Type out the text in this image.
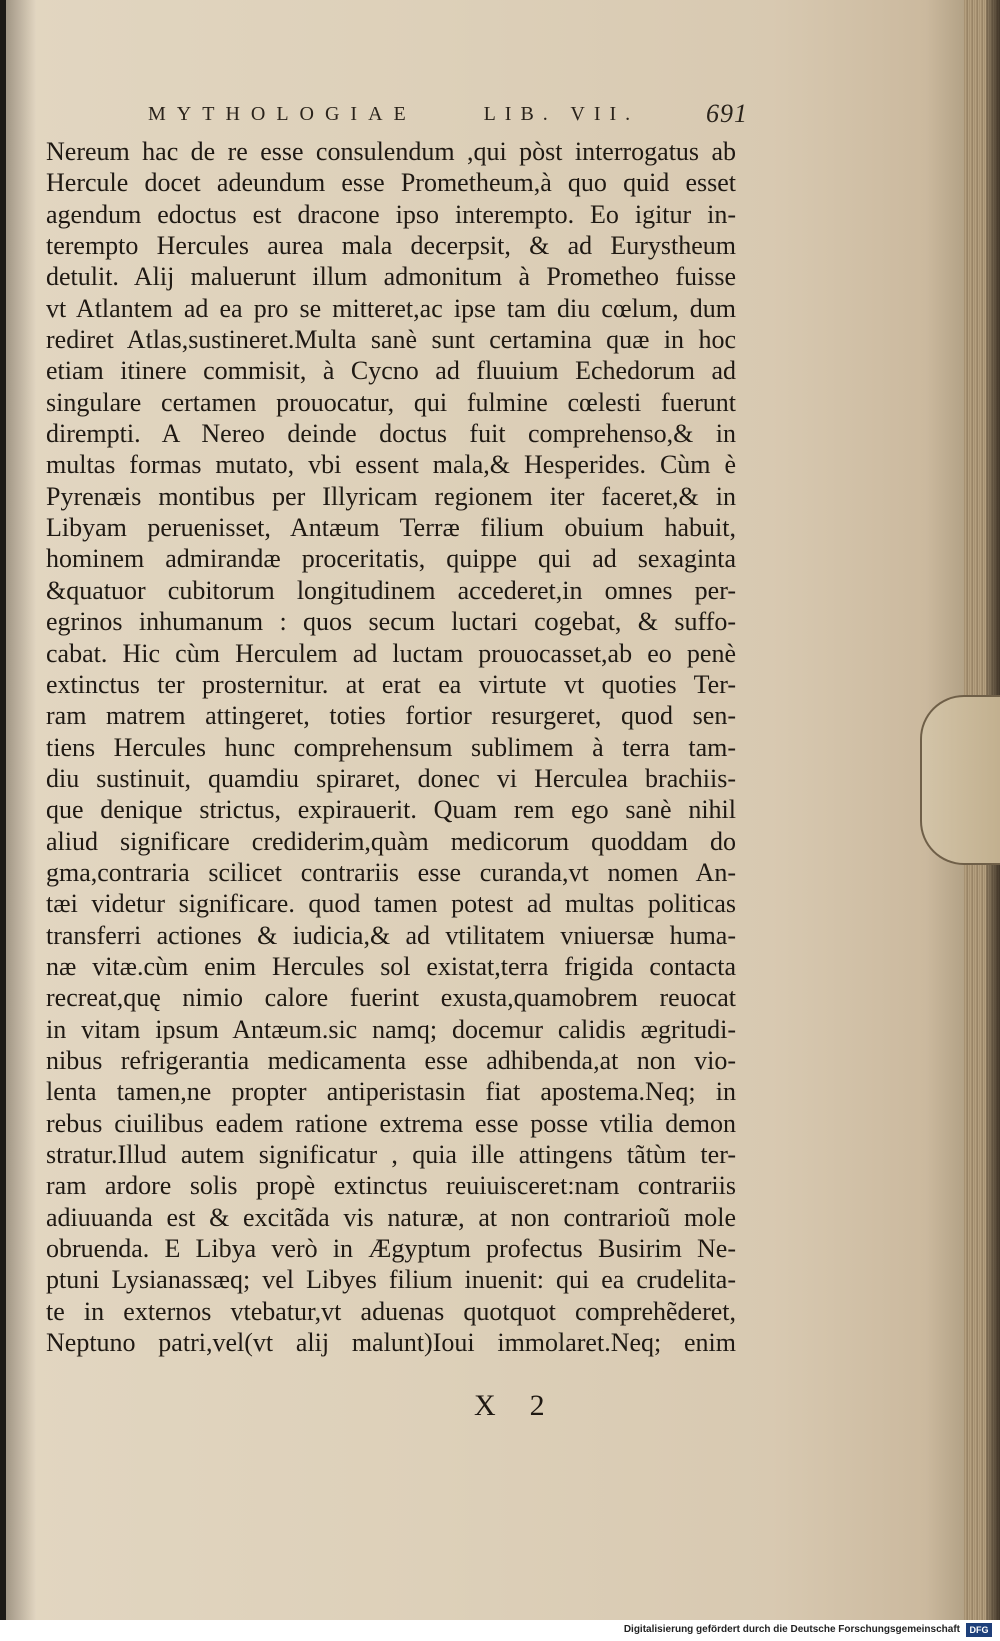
MYTHOLOGIAE	LIB. VII.	691
Nereum hac de re esse consulendum ,qui pòst interrogatus ab
Hercule docet adeundum esse Prometheum,à quo quid esset
agendum edoctus est dracone ipso interempto. Eo igitur in-
terempto Hercules aurea mala decerpsit, & ad Eurystheum
detulit. Alij maluerunt illum admonitum à Prometheo fuisse
vt Atlantem ad ea pro se mitteret,ac ipse tam diu cœlum, dum
rediret Atlas,sustineret.Multa sanè sunt certamina quæ in hoc
etiam itinere commisit, à Cycno ad fluuium Echedorum ad
singulare certamen prouocatur, qui fulmine cœlesti fuerunt
dirempti. A Nereo deinde doctus fuit comprehenso,& in
multas formas mutato, vbi essent mala,& Hesperides. Cùm è
Pyrenæis montibus per Illyricam regionem iter faceret,& in
Libyam peruenisset, Antæum Terræ filium obuium habuit,
hominem admirandæ proceritatis, quippe qui ad sexaginta
&quatuor cubitorum longitudinem accederet,in omnes per-
egrinos inhumanum : quos secum luctari cogebat, & suffo-
cabat. Hic cùm Herculem ad luctam prouocasset,ab eo penè
extinctus ter prosternitur. at erat ea virtute vt quoties Ter-
ram matrem attingeret, toties fortior resurgeret, quod sen-
tiens Hercules hunc comprehensum sublimem à terra tam-
diu sustinuit, quamdiu spiraret, donec vi Herculea brachiis-
que denique strictus, expirauerit. Quam rem ego sanè nihil
aliud significare crediderim,quàm medicorum quoddam do
gma,contraria scilicet contrariis esse curanda,vt nomen An-
tæi videtur significare. quod tamen potest ad multas politicas
transferri actiones & iudicia,& ad vtilitatem vniuersæ huma-
næ vitæ.cùm enim Hercules sol existat,terra frigida contacta
recreat,quę nimio calore fuerint exusta,quamobrem reuocat
in vitam ipsum Antæum.sic namq; docemur calidis ægritudi-
nibus refrigerantia medicamenta esse adhibenda,at non vio-
lenta tamen,ne propter antiperistasin fiat apostema.Neq; in
rebus ciuilibus eadem ratione extrema esse posse vtilia demon
stratur.Illud autem significatur , quia ille attingens tãtùm ter-
ram ardore solis propè extinctus reuiuisceret:nam contrariis
adiuuanda est & excitãda vis naturæ, at non contrarioũ mole
obruenda. E Libya verò in Ægyptum profectus Busirim Ne-
ptuni Lysianassæq; vel Libyes filium inuenit: qui ea crudelita-
te in externos vtebatur,vt aduenas quotquot comprehẽderet,
Neptuno patri,vel(vt alij malunt)Ioui immolaret.Neq; enim
X 2
Digitalisierung gefördert durch die Deutsche Forschungsgemeinschaft	DFG
